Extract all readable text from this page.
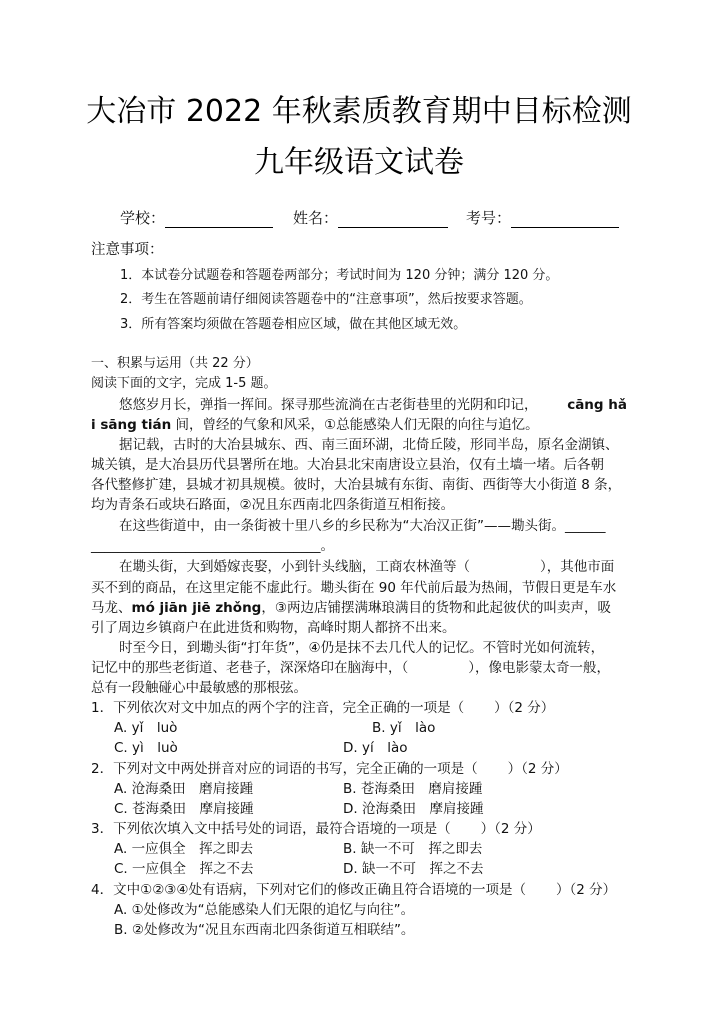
大冶市 2022 年秋素质教育期中目标检测
九年级语文试卷
学校：	姓名：	考号：
注意事项：
1．本试卷分试题卷和答题卷两部分；考试时间为 120 分钟；满分 120 分。
2．考生在答题前请仔细阅读答题卷中的“注意事项”，然后按要求答题。
3．所有答案均须做在答题卷相应区域，做在其他区域无效。
一、积累与运用（共 22 分）
阅读下面的文字，完成 1-5 题。
悠悠岁月长，弹指一挥间。探寻那些流淌在古老街巷里的光阴和印记， cāng hǎ
i sāng tián 间，曾经的气象和风采，①总能感染人们无限的向往与追忆。
据记载，古时的大冶县城东、西、南三面环湖，北倚丘陵，形同半岛，原名金湖镇、
城关镇，是大冶县历代县署所在地。大冶县北宋南唐设立县治，仅有土墙一堵。后各朝
各代整修扩建，县城才初具规模。彼时，大冶县城有东街、南街、西街等大小街道 8 条，
均为青条石或块石路面，②况且东西南北四条街道互相衔接。
在这些街道中，由一条街被十里八乡的乡民称为“大冶汉正街”——墈头街。______
__________________________________。
在墈头街，大到婚嫁丧娶，小到针头线脑，工商农林渔等（	），其他市面
买不到的商品，在这里定能不虚此行。墈头街在 90 年代前后最为热闹，节假日更是车水
马龙、mó jiān jiē zhǒng，③两边店铺摆满琳琅满目的货物和此起彼伏的叫卖声，吸
引了周边乡镇商户在此进货和购物，高峰时期人都挤不出来。
时至今日，到墈头街“打年货”，④仍是抹不去几代人的记忆。不管时光如何流转，
记忆中的那些老街道、老巷子，深深烙印在脑海中，（	），像电影蒙太奇一般，
总有一段触碰心中最敏感的那根弦。
1．下列依次对文中加点的两个字的注音，完全正确的一项是（ ）（2 分）
A. yǐ　luò	B. yǐ　lào
C. yì　luò	D. yí　lào
2．下列对文中两处拼音对应的词语的书写，完全正确的一项是（ ）（2 分）
A. 沧海桑田　磨肩接踵	B. 苍海桑田　磨肩接踵
C. 苍海桑田　摩肩接踵	D. 沧海桑田　摩肩接踵
3．下列依次填入文中括号处的词语，最符合语境的一项是（ ）（2 分）
A. 一应俱全　挥之即去	B. 缺一不可　挥之即去
C. 一应俱全　挥之不去	D. 缺一不可　挥之不去
4．文中①②③④处有语病，下列对它们的修改正确且符合语境的一项是（ ）（2 分）
A. ①处修改为“总能感染人们无限的追忆与向往”。
B. ②处修改为“况且东西南北四条街道互相联结”。
